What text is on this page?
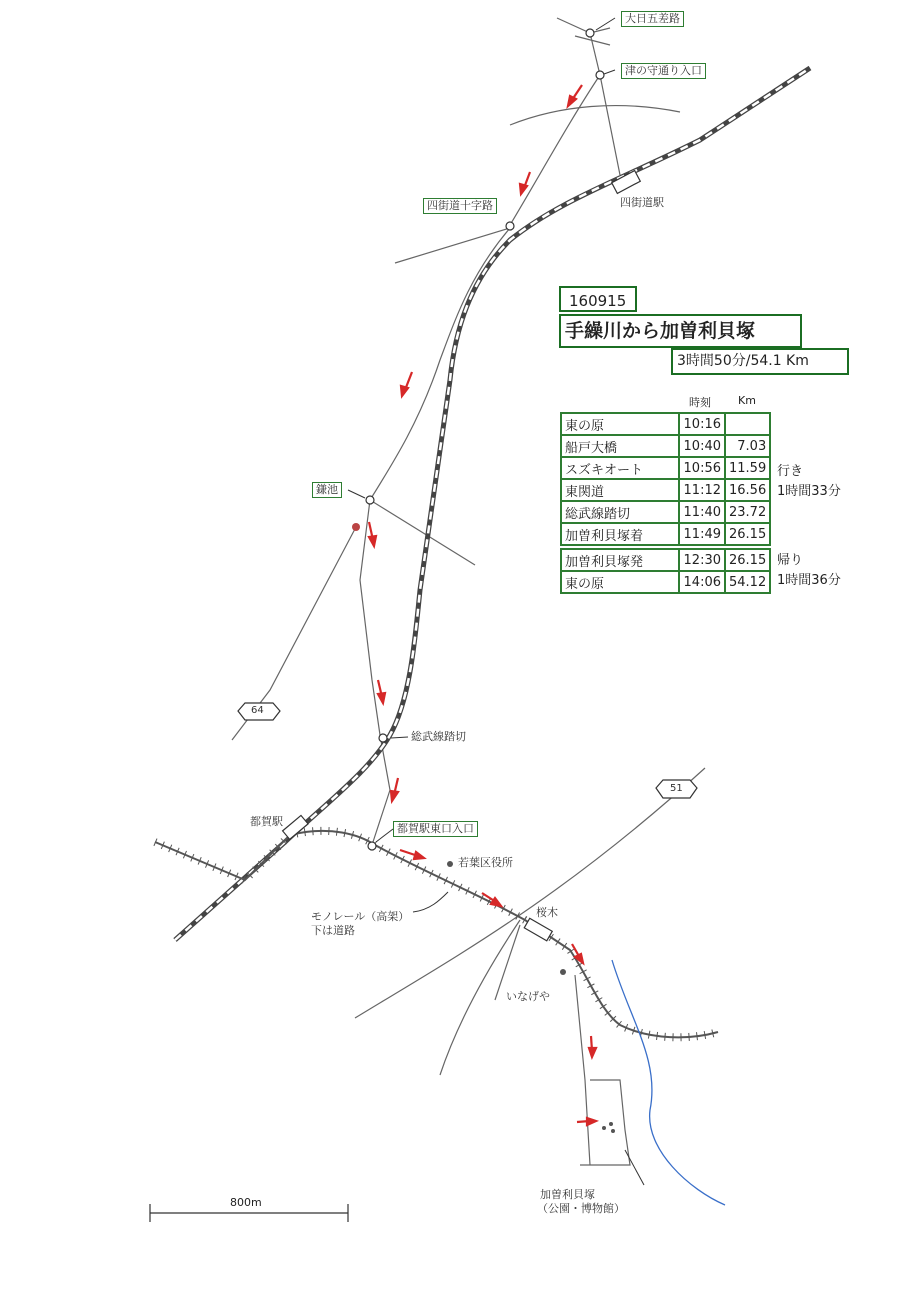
大日五差路
津の守通り入口
四街道十字路	四街道駅
鎌池
総武線踏切
都賀駅
都賀駅東口入口
若葉区役所
モノレール（高架）
下は道路
桜木
いなげや
加曽利貝塚
（公園・博物館）
64
51
800m
160915
手繰川から加曽利貝塚
3時間50分/54.1 Km
時刻 Km
東の原	10:16	
船戸大橋	10:40	7.03
スズキオート	10:56	11.59
東関道	11:12	16.56
総武線踏切	11:40	23.72
加曽利貝塚着	11:49	26.15
加曽利貝塚発	12:30	26.15
東の原	14:06	54.12
行き
1時間33分
帰り
1時間36分
